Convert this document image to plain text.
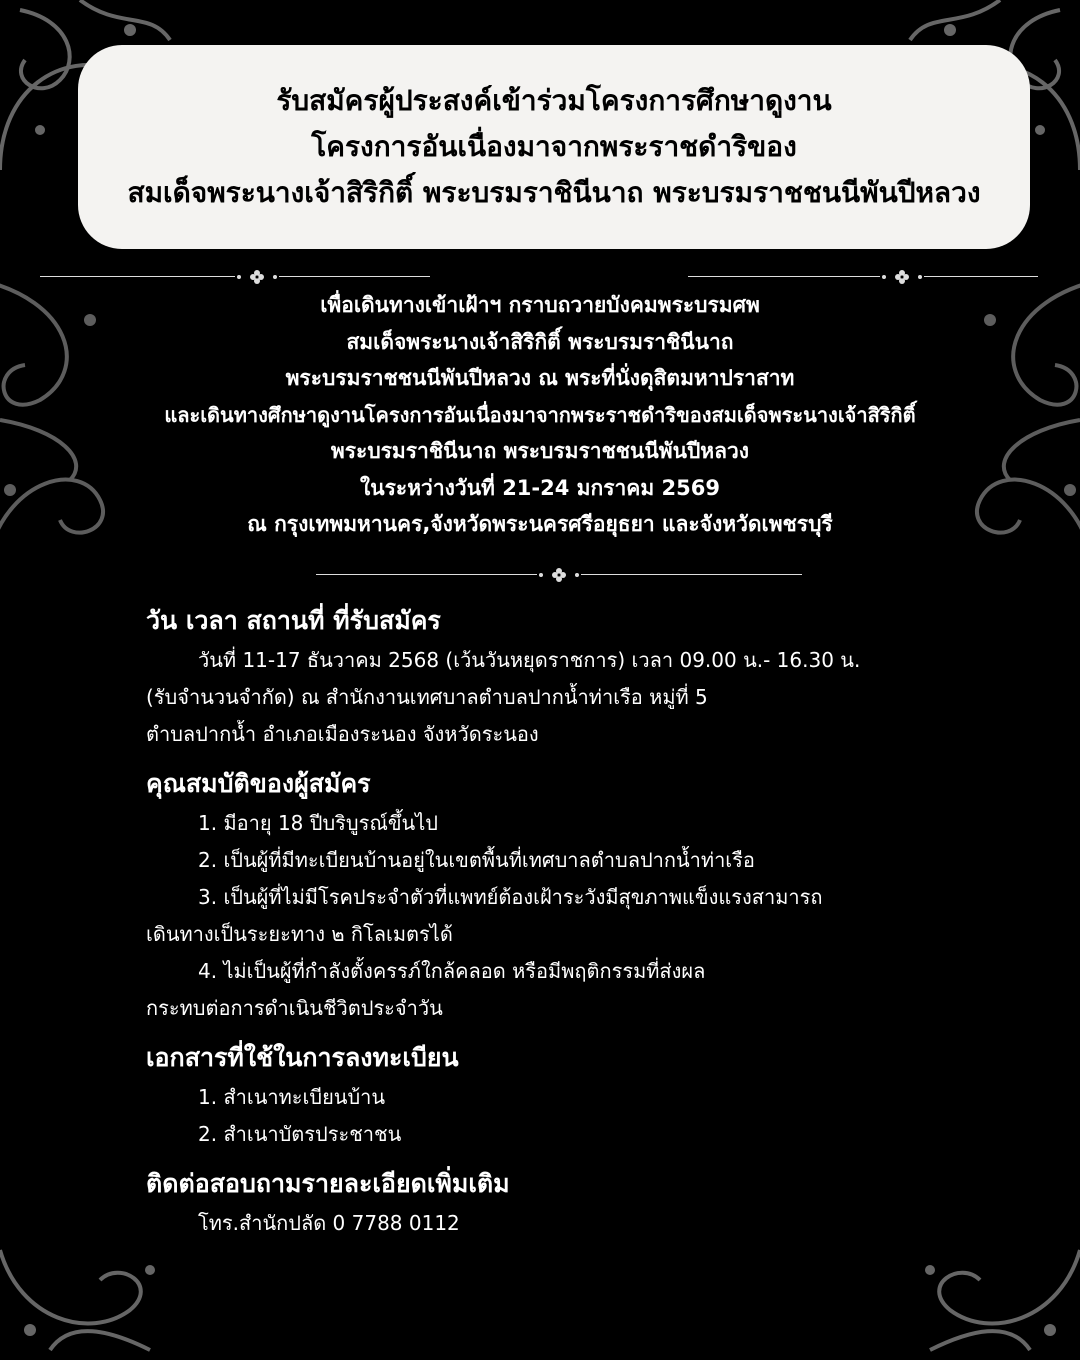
รับสมัครผู้ประสงค์เข้าร่วมโครงการศึกษาดูงาน
โครงการอันเนื่องมาจากพระราชดำริของ
สมเด็จพระนางเจ้าสิริกิติ์ พระบรมราชินีนาถ พระบรมราชชนนีพันปีหลวง
เพื่อเดินทางเข้าเฝ้าฯ กราบถวายบังคมพระบรมศพ
สมเด็จพระนางเจ้าสิริกิติ์ พระบรมราชินีนาถ
พระบรมราชชนนีพันปีหลวง ณ พระที่นั่งดุสิตมหาปราสาท
และเดินทางศึกษาดูงานโครงการอันเนื่องมาจากพระราชดำริของสมเด็จพระนางเจ้าสิริกิติ์
พระบรมราชินีนาถ พระบรมราชชนนีพันปีหลวง
ในระหว่างวันที่ 21-24 มกราคม 2569
ณ กรุงเทพมหานคร,จังหวัดพระนครศรีอยุธยา และจังหวัดเพชรบุรี
วัน เวลา สถานที่ ที่รับสมัคร
วันที่ 11-17 ธันวาคม 2568 (เว้นวันหยุดราชการ) เวลา 09.00 น.- 16.30 น.
(รับจำนวนจำกัด) ณ สำนักงานเทศบาลตำบลปากน้ำท่าเรือ หมู่ที่ 5
ตำบลปากน้ำ อำเภอเมืองระนอง จังหวัดระนอง
คุณสมบัติของผู้สมัคร
1. มีอายุ 18 ปีบริบูรณ์ขึ้นไป
2. เป็นผู้ที่มีทะเบียนบ้านอยู่ในเขตพื้นที่เทศบาลตำบลปากน้ำท่าเรือ
3. เป็นผู้ที่ไม่มีโรคประจำตัวที่แพทย์ต้องเฝ้าระวังมีสุขภาพแข็งแรงสามารถ
เดินทางเป็นระยะทาง ๒ กิโลเมตรได้
4. ไม่เป็นผู้ที่กำลังตั้งครรภ์ใกล้คลอด หรือมีพฤติกรรมที่ส่งผล
กระทบต่อการดำเนินชีวิตประจำวัน
เอกสารที่ใช้ในการลงทะเบียน
1. สำเนาทะเบียนบ้าน
2. สำเนาบัตรประชาชน
ติดต่อสอบถามรายละเอียดเพิ่มเติม
โทร.สำนักปลัด 0 7788 0112
